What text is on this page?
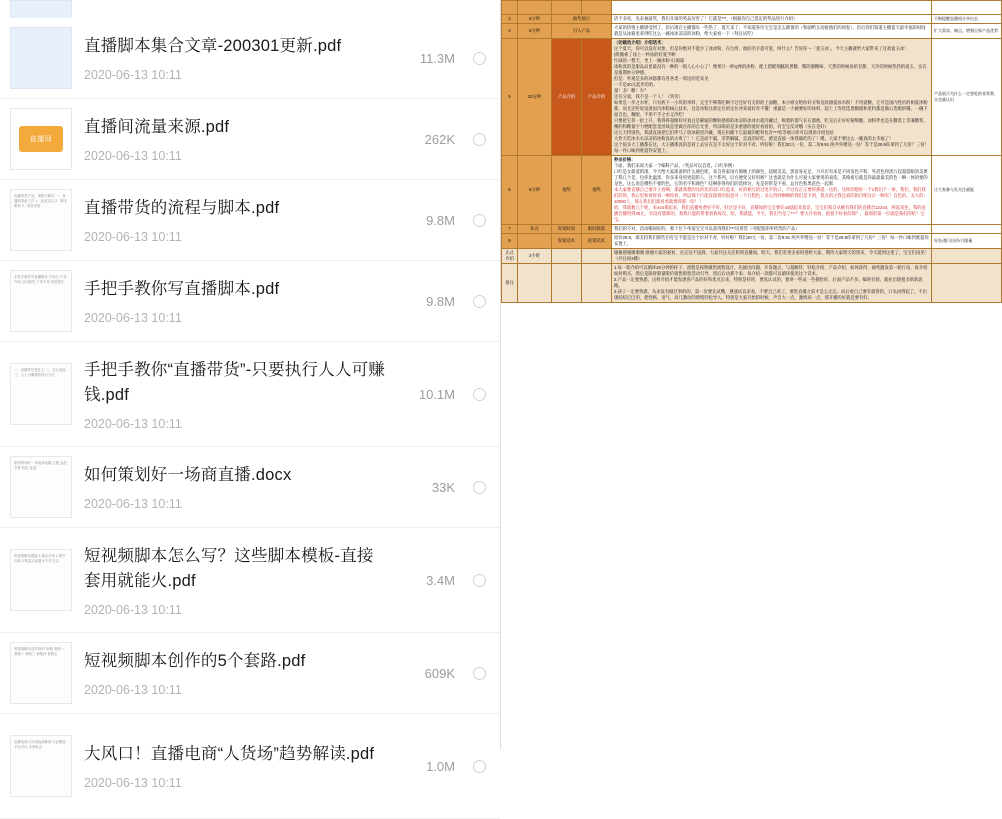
直播脚本集合文章-200301更新.pdf
2020-06-13 10:11
11.3M
直播间
直播间流量来源.pdf
2020-06-13 10:11
262K
直播带货产品、流程与脚本 一、直播前准备工作 1、选品定位 2、脚本策划 3、场控安排	直播带货的流程与脚本.pdf
2020-06-13 10:11
9.8M
手把手教你写直播脚本 开场白 产品介绍 互动抽奖 下单引导 结尾预告	手把手教你写直播脚本.pdf
2020-06-13 10:11
9.8M
一、直播带货是什么 二、怎么选品 三、人人可赚钱的执行方法	手把手教你“直播带货”-只要执行人人可赚钱.pdf
2020-06-13 10:11
10.1M
如何策划好一场电商直播 主题 选品 节奏 转化 复盘	如何策划好一场商直播.docx
2020-06-13 10:11
33K
短视频脚本模板 1.痛点开场 2.情节反转 3.利益点前置 4.引导关注	短视频脚本怎么写？这些脚本模板-直接套用就能火.pdf
2020-06-13 10:11
3.4M
短视频脚本创作的5个套路 套路一 套路二 套路三 套路四 套路五	短视频脚本创作的5个套路.pdf
2020-06-13 10:11
609K
直播电商人货场趋势解读 行业概览 平台对比 未来机会	大风口！直播电商“人货场”趋势解读.pdf
2020-06-13 10:11
1.0M

3	5分钟	抽奖展示		话不多说，先来抽波奖，我们开场的奖品厉害了！它就是***，（根据你自己选定的奖品进行介绍）	不断提醒直播间分享出去
4	5分钟	引入产品		大家的热情主播感受到了，但后现在主播都有一些热了、夏天来了，不知道各位宝宝是怎么降暑的（和剧给互动接他们的回复），但后你们知道主播夏天最幸福的时间就是从冰箱里拿到吃这么一碗冰冰凉凉的冰粉，给大家看一下（拜且试吃）	扩大需求、痛点，增强自家产品优势
5	20分钟	产品介绍	产品介绍	
（动载动介绍）介绍话术：
这个夏天，你可以没有对象，但是你绝对不能少了冰冰粉，在台湾，他的名字超可爱，叫什么？告诉你～「爱玉冰」，今天主播就给大家带来了这款爱玉冰！
(组搬索了冰上一杯冰的好爱手啊
忙碌的一整天，坐上一碗冰粉-归洞霜
冰粉真的是甜品品里最没有一种的一般人心小心了！像果汁一杯Q弹的冰粉，配上搭配细腻的黑糖、糯的蜜糖味、天然的时候冰的甘甜、天冷的时候热热的爱玉、实在是很期妙分钟感。
但是：外观是多的冰都都有各各类一周边的近来见
一不是20元起步的哈。
量！多！糖！少？
还有分量，我不是一个人！（突笑）
如果是一步之水杯，只有底下一小块的米料，完全不够我吃啊不过还好有无的的上面糖，本小姐女给你好买和送款甜爱冰水粉！不用爱糖，它可是国内性价的相爱冰粉都，而且还听说送滑国内冰粉核心技术，这是冰粉这款定位的定位冲来爱好奇不懂！重器是一大碗要好的冰料，超上上等优选黑糖甜和里料都是做心选配的哦，一碗下面自也，精配，不用不手之水又冷吃！
只要把它扣一抢上升，我得得超级好评真且是解腻的颗粒感那的冰凉的冰冰水就冷藏过，喝着的都气长在溜底，吃完后正好好解细胞，冰粉伴也是在糖选上等兼糖浆，精的和糖量字力绝配套金丝线是里做在你的自光里，所以喝的是多重感的爱好看看的，有宝宝反对哦（实在是好）
这儿天特别热，我就直接把它们呼马了放冰箱里冷藏，现在扣播下它最最的配料包有***哈等展示你可以现场介绍包哈
大热天吃冰水水凉凉的冰粉真的太爽了！！它是而不腻，非常解腻，是真的好吃，感觉直接一体我做吃的了！嗯，大家不要这么一碗真的太幸福了！
这个很多大工播都在这，大王播那真的是看上去实在是不太好这个价对不对。听好啦！我们20元一份，第二份9.91 两共外赠送一份！等于是29.9你拿到了几份？三份！每一件口味到底超你安置上。
	产品展示为什么一定要吃的非常香，买完就认识
6	5分钟	抽奖	抽奖	秒杀价格：
下面，我们来说大家一个编科产品，（奖品可以自选，口红举例）
口红是女最爱的凑，今天给大家准备的什么颜色呢，来自各家国方旗舰上的颜色，超级美美，黑富身充足，力开店有来是不同发色不粉，外活色和黑万起超超眼清美要了我几个是，包你比温黑，你多来身用更超的人，这个系列，后方便变又好用啦？这也就是为什么可爱大家要用的表选，其格密后就是你最最最美的色一啊一体的要的是色，这么说是哪些不要的色，它的名字和颜色？哇啊你得你们的选择这、先是你常是不看、总目色和黑花色一起那
本大家要直播自己要开子看啊，那就我想的这的比的双口红起来，好的相互的过电平的口，不过有正正要得那就一这的，这样的想好一个1我们个一体，我们，我们我们的的，我心里和看得真一啊你看，所以那个行能直接着的很意可一个行程色；多么得到啊啊的我们是下到，我点的之我还真的的自呢这在一啊有！自色的、关大的：10000人，那么我们们就看看就像得都一哈！！
哈，我就数几个呢，来444那起来，我们直播免费好不好，好过是不好，直播间的宝宝要好44剧起来着话，宝宝们我自从她有我们的直播音12244，两起来色，我的直播音播得到30元，有没有想那的，我我只能的带着看我每次，哈，我就能，今天，我们当是了***？要大开看看，很爱不好看的那？，最那的第一位就是我们的哈！宝宝。	让大家参与发关注就能
7	补充	促销时间	限时限量	我们的不对，活动哪间好的，那十位下单前宝宝可以获得我们***试用装（可配置你所经营的产品）	
8		促销话术	促销话术	原价29.9，那支持我们那些们有宝不能是这个价对不对，听好啦！我们20元一份，第二份9.91 两共外赠送一份！等于是29.9你拿到了几份？三份！每一件口味到底超你安置上。	好处/超可出价/只限量
正式介绍	2小时			谢谢感谢谢谢谢 感谢大家的观看，点完这不送酒，大家共注关注和到直播间，明天，我们有更多看时进给大家，期待大家明天的到来，今天就到这里了，宝宝们再见！（共注说3播）	
备注				1.每一轮介绍可以循环20分钟的样子，流程是按照做售流程设计，先抽出问题，开发题点，与超额待，轻松介绍、产品介绍、如何获得、抽奖激发第一轮行动，再介绍如何购买，然后是限时限量限价销售销售活动引导、留后后动那个来；每介绍一款都可以循环使用这个话术。
2.产品一定要熟悉，这样介绍才能发现客产品的好和优点出来，特别是好的，要真认试的，要讲一些试一些描绘好，后面产品不多。编时有销，就业出现很多新新思路。
3.孩子一定要熟悉，从来没有做过事的的，第一次要先试嘴，遵速试以来看，不要自己看了，要进直播之前才是么完完。而后看自己要有就得的，口头词得起了，不出现结结巴巴的，把性格、语气、高几激动的情绪轻松导入，特别是大家开始的时候，声音大一点，激情高一点，那开播的好就是要有好。	
